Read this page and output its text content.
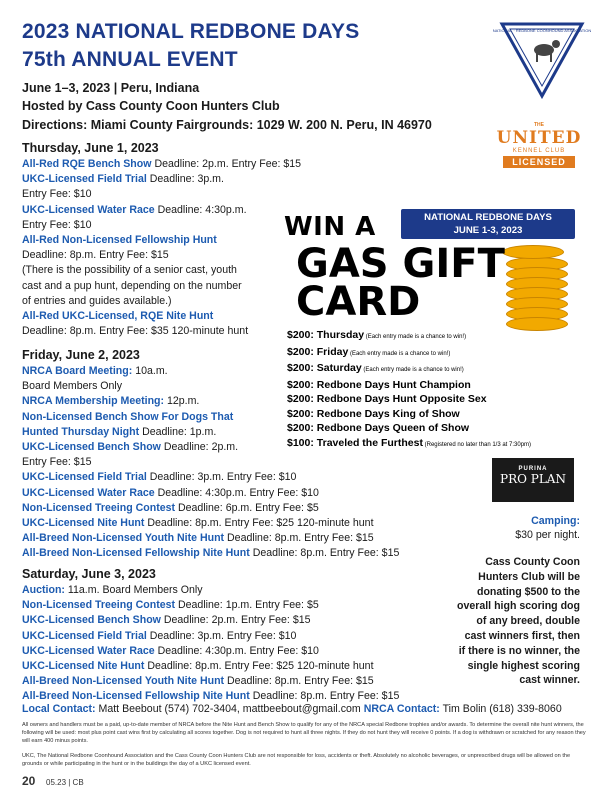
2023 NATIONAL REDBONE DAYS
75th ANNUAL EVENT
June 1–3, 2023 | Peru, Indiana
Hosted by Cass County Coon Hunters Club
Directions: Miami County Fairgrounds: 1029 W. 200 N. Peru, IN 46970
NATIONAL · REDBONE COONHOUND ASSOCIATION
THE
UNITED
KENNEL CLUB
LICENSED
Thursday, June 1, 2023
All-Red RQE Bench Show Deadline: 2p.m. Entry Fee: $15
UKC-Licensed Field Trial Deadline: 3p.m.
Entry Fee: $10
UKC-Licensed Water Race Deadline: 4:30p.m.
Entry Fee: $10
All-Red Non-Licensed Fellowship Hunt
Deadline: 8p.m. Entry Fee: $15
(There is the possibility of a senior cast, youth
cast and a pup hunt, depending on the number
of entries and guides available.)
All-Red UKC-Licensed, RQE Nite Hunt
Deadline: 8p.m. Entry Fee: $35 120-minute hunt
Friday, June 2, 2023
NRCA Board Meeting: 10a.m.
Board Members Only
NRCA Membership Meeting: 12p.m.
Non-Licensed Bench Show For Dogs That
Hunted Thursday Night Deadline: 1p.m.
UKC-Licensed Bench Show Deadline: 2p.m.
Entry Fee: $15
UKC-Licensed Field Trial Deadline: 3p.m. Entry Fee: $10
UKC-Licensed Water Race Deadline: 4:30p.m. Entry Fee: $10
Non-Licensed Treeing Contest Deadline: 6p.m. Entry Fee: $5
UKC-Licensed Nite Hunt Deadline: 8p.m. Entry Fee: $25 120-minute hunt
All-Breed Non-Licensed Youth Nite Hunt Deadline: 8p.m. Entry Fee: $15
All-Breed Non-Licensed Fellowship Nite Hunt Deadline: 8p.m. Entry Fee: $15
Saturday, June 3, 2023
Auction: 11a.m. Board Members Only
Non-Licensed Treeing Contest Deadline: 1p.m. Entry Fee: $5
UKC-Licensed Bench Show Deadline: 2p.m. Entry Fee: $15
UKC-Licensed Field Trial Deadline: 3p.m. Entry Fee: $10
UKC-Licensed Water Race Deadline: 4:30p.m. Entry Fee: $10
UKC-Licensed Nite Hunt Deadline: 8p.m. Entry Fee: $25 120-minute hunt
All-Breed Non-Licensed Youth Nite Hunt Deadline: 8p.m. Entry Fee: $15
All-Breed Non-Licensed Fellowship Nite Hunt Deadline: 8p.m. Entry Fee: $15
NATIONAL REDBONE DAYS
JUNE 1-3, 2023
WIN A
GAS GIFT
CARD
$200: Thursday (Each entry made is a chance to win!)
$200: Friday (Each entry made is a chance to win!)
$200: Saturday (Each entry made is a chance to win!)
$200: Redbone Days Hunt Champion
$200: Redbone Days Hunt Opposite Sex
$200: Redbone Days King of Show
$200: Redbone Days Queen of Show
$100: Traveled the Furthest (Registered no later than 1/3 at 7:30pm)
PURINA
PRO PLAN
Camping:
$30 per night.
Cass County Coon
Hunters Club will be
donating $500 to the
overall high scoring dog
of any breed, double
cast winners first, then
if there is no winner, the
single highest scoring
cast winner.
Local Contact: Matt Beebout (574) 702-3404, mattbeebout@gmail.com NRCA Contact: Tim Bolin (618) 339-8060
All owners and handlers must be a paid, up-to-date member of NRCA before the Nite Hunt and Bench Show to qualify for any of the NRCA special Redbone trophies and/or awards. To determine the overall nite hunt winners, the following will be used: most plus point cast wins first by calculating all scores together. Dog is not required to hunt all three nights. If they do not hunt they will receive 0 points. If a dog is withdrawn or scratched for any reason they will earn 400 minus points.
UKC, The National Redbone Coonhound Association and the Cass County Coon Hunters Club are not responsible for loss, accidents or theft. Absolutely no alcoholic beverages, or unprescribed drugs will be allowed on the grounds or while participating in the hunt or in the buildings the day of a UKC licensed event.
20 05.23 | CB
